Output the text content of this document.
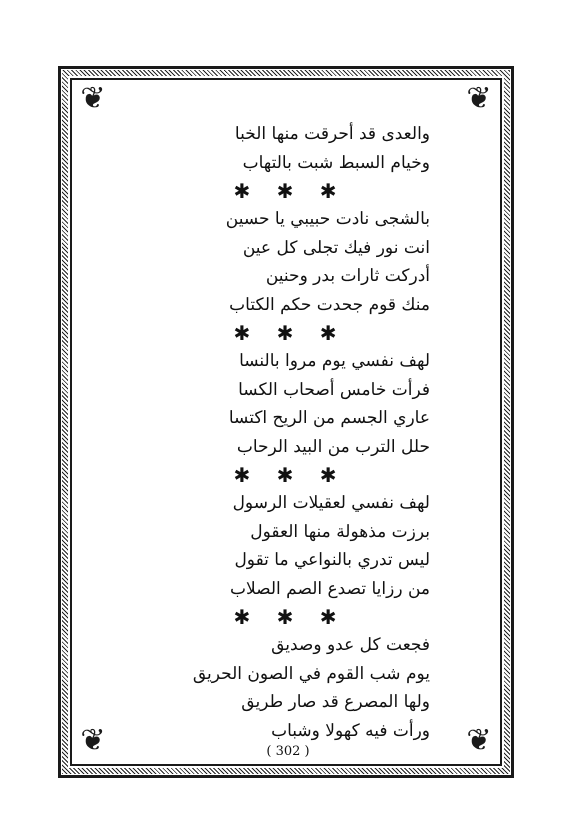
❦	❦
❦	❦
والعدى قد أحرقت منها الخبا
وخيام السبط شبت بالتهاب
✱ ✱ ✱
بالشجى نادت حبيبي يا حسين
انت نور فيك تجلى كل عين
أدركت ثارات بدر وحنين
منك قوم جحدت حكم الكتاب
✱ ✱ ✱
لهف نفسي يوم مروا بالنسا
فرأت خامس أصحاب الكسا
عاري الجسم من الريح اكتسا
حلل الترب من البيد الرحاب
✱ ✱ ✱
لهف نفسي لعقيلات الرسول
برزت مذهولة منها العقول
ليس تدري بالنواعي ما تقول
من رزايا تصدع الصم الصلاب
✱ ✱ ✱
فجعت كل عدو وصديق
يوم شب القوم في الصون الحريق
ولها المصرع قد صار طريق
ورأت فيه كهولا وشباب
( 302 )
